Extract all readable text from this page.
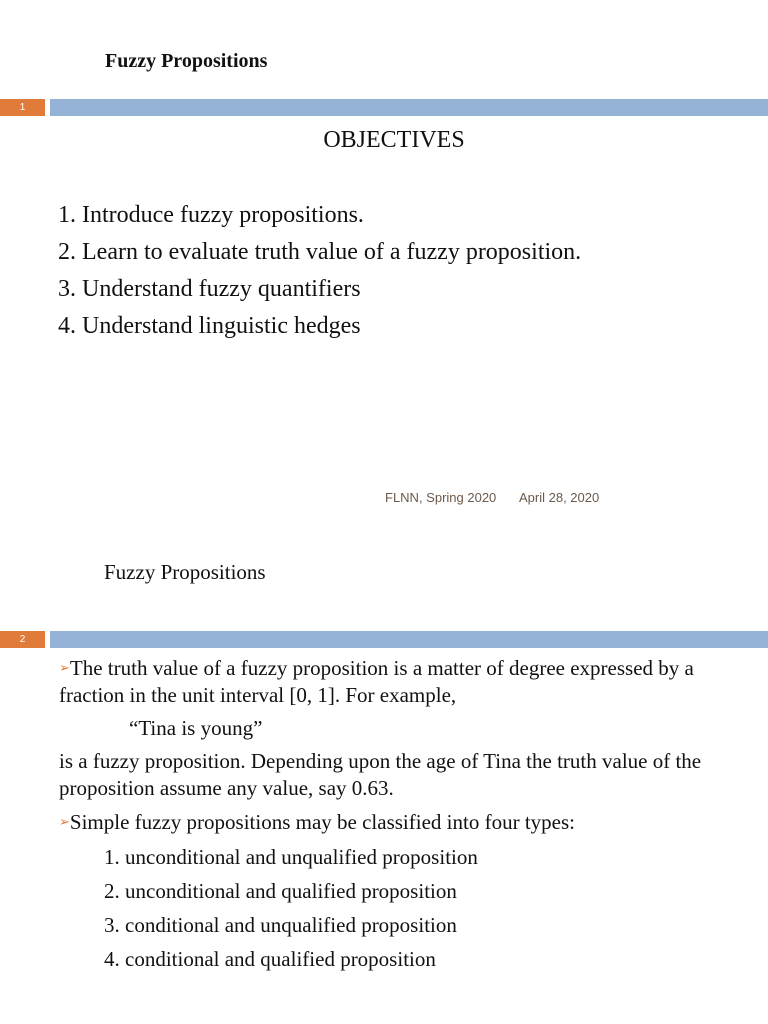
Fuzzy Propositions
1
OBJECTIVES
1. Introduce fuzzy propositions.
2. Learn to evaluate truth value of a fuzzy proposition.
3. Understand fuzzy quantifiers
4. Understand linguistic hedges
FLNN, Spring 2020 April 28, 2020
Fuzzy Propositions
2

➢The truth value of a fuzzy proposition is a matter of degree expressed by a fraction in the unit interval [0, 1]. For example,

“Tina is young”

is a fuzzy proposition. Depending upon the age of Tina the truth value of the proposition assume any value, say 0.63.

➢Simple fuzzy propositions may be classified into four types:

1. unconditional and unqualified proposition
2. unconditional and qualified proposition
3. conditional and unqualified proposition
4. conditional and qualified proposition
